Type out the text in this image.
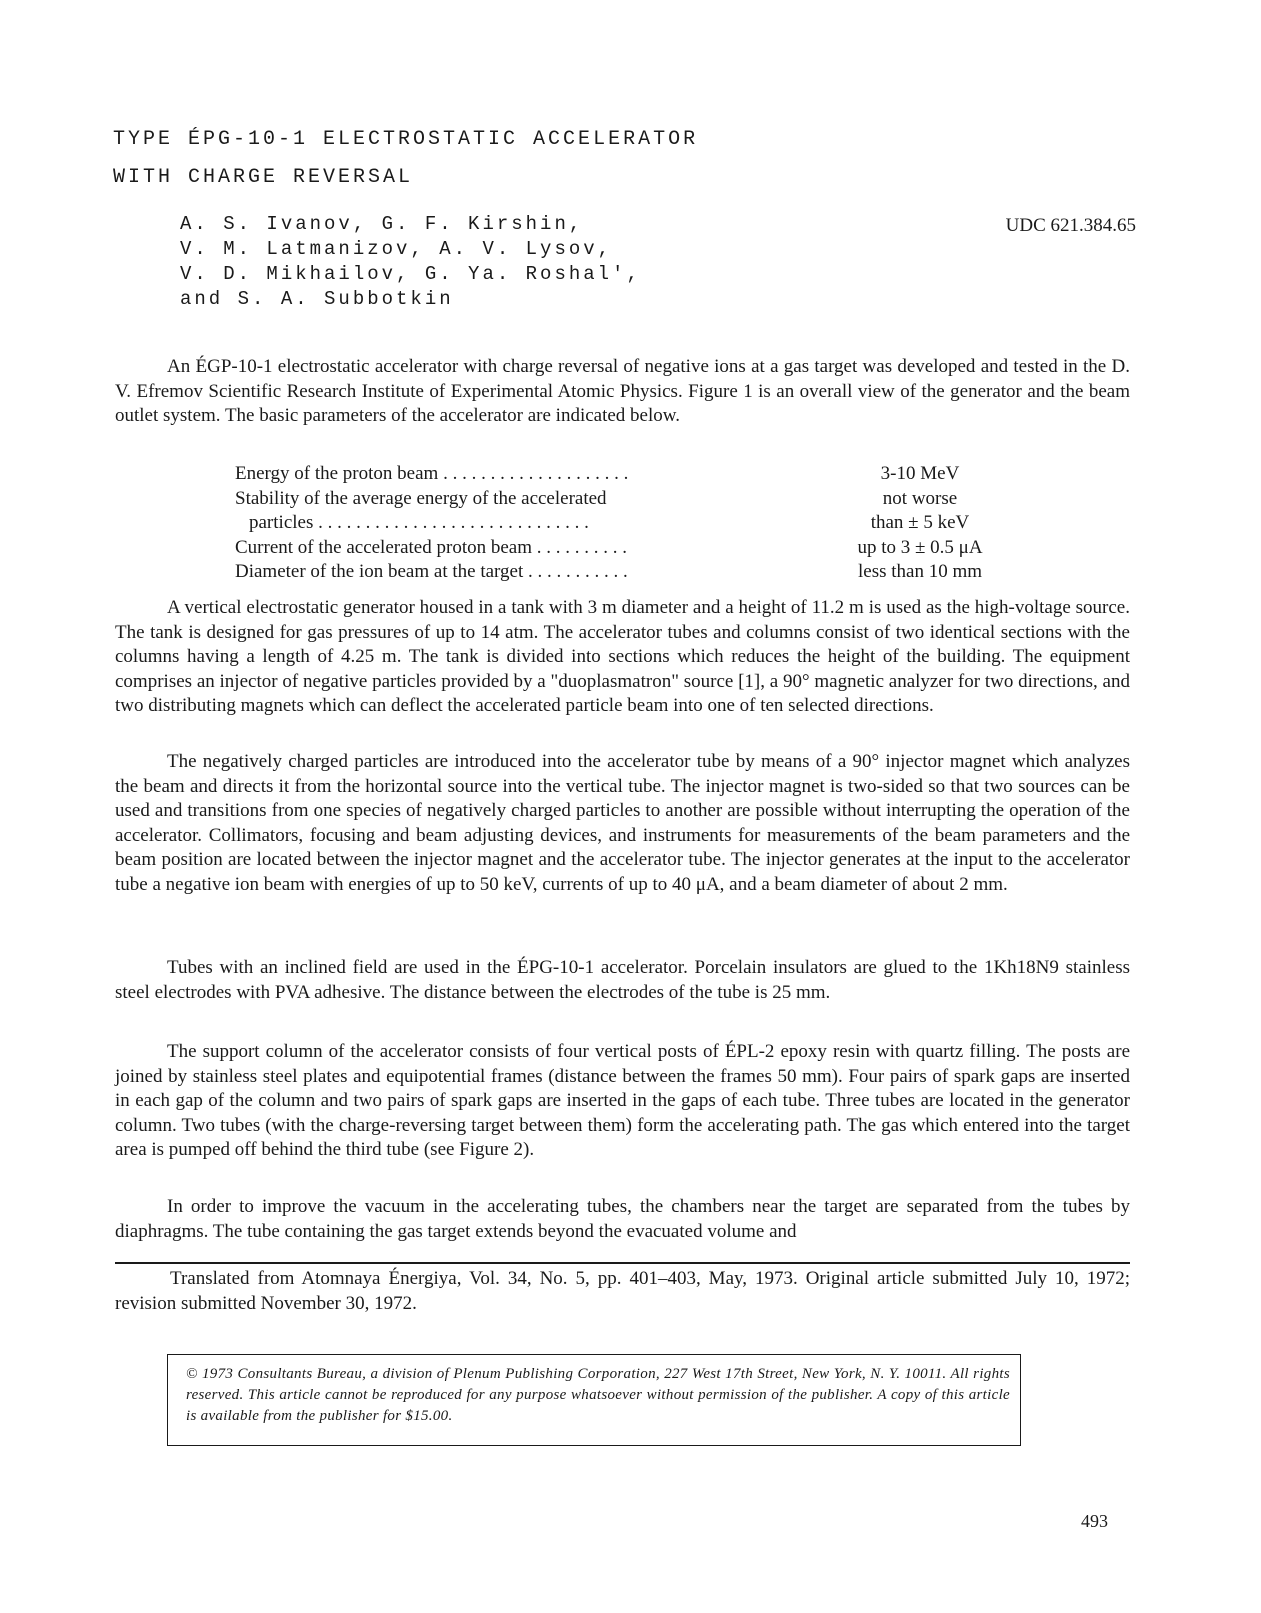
TYPE ÉPG-10-1 ELECTROSTATIC ACCELERATOR
WITH CHARGE REVERSAL
A. S. Ivanov, G. F. Kirshin,
V. M. Latmanizov, A. V. Lysov,
V. D. Mikhailov, G. Ya. Roshal',
and S. A. Subbotkin
UDC 621.384.65

An ÉGP-10-1 electrostatic accelerator with charge reversal of negative ions at a gas target was developed and tested in the D. V. Efremov Scientific Research Institute of Experimental Atomic Physics. Figure 1 is an overall view of the generator and the beam outlet system. The basic parameters of the accelerator are indicated below.

Energy of the proton beam . . . . . . . . . . . . . . . . . . . .	3-10 MeV
Stability of the average energy of the accelerated	not worse
particles . . . . . . . . . . . . . . . . . . . . . . . . . . . . .	than ± 5 keV
Current of the accelerated proton beam . . . . . . . . . .	up to 3 ± 0.5 μA
Diameter of the ion beam at the target . . . . . . . . . . .	less than 10 mm

A vertical electrostatic generator housed in a tank with 3 m diameter and a height of 11.2 m is used as the high-voltage source. The tank is designed for gas pressures of up to 14 atm. The accelerator tubes and columns consist of two identical sections with the columns having a length of 4.25 m. The tank is divided into sections which reduces the height of the building. The equipment comprises an injector of negative particles provided by a "duoplasmatron" source [1], a 90° magnetic analyzer for two directions, and two distributing magnets which can deflect the accelerated particle beam into one of ten selected directions.

The negatively charged particles are introduced into the accelerator tube by means of a 90° injector magnet which analyzes the beam and directs it from the horizontal source into the vertical tube. The injector magnet is two-sided so that two sources can be used and transitions from one species of negatively charged particles to another are possible without interrupting the operation of the accelerator. Collimators, focusing and beam adjusting devices, and instruments for measurements of the beam parameters and the beam position are located between the injector magnet and the accelerator tube. The injector generates at the input to the accelerator tube a negative ion beam with energies of up to 50 keV, currents of up to 40 μA, and a beam diameter of about 2 mm.

Tubes with an inclined field are used in the ÉPG-10-1 accelerator. Porcelain insulators are glued to the 1Kh18N9 stainless steel electrodes with PVA adhesive. The distance between the electrodes of the tube is 25 mm.

The support column of the accelerator consists of four vertical posts of ÉPL-2 epoxy resin with quartz filling. The posts are joined by stainless steel plates and equipotential frames (distance between the frames 50 mm). Four pairs of spark gaps are inserted in each gap of the column and two pairs of spark gaps are inserted in the gaps of each tube. Three tubes are located in the generator column. Two tubes (with the charge-reversing target between them) form the accelerating path. The gas which entered into the target area is pumped off behind the third tube (see Figure 2).

In order to improve the vacuum in the accelerating tubes, the chambers near the target are separated from the tubes by diaphragms. The tube containing the gas target extends beyond the evacuated volume and

Translated from Atomnaya Énergiya, Vol. 34, No. 5, pp. 401–403, May, 1973. Original article submitted July 10, 1972; revision submitted November 30, 1972.
© 1973 Consultants Bureau, a division of Plenum Publishing Corporation, 227 West 17th Street, New York, N. Y. 10011. All rights reserved. This article cannot be reproduced for any purpose whatsoever without permission of the publisher. A copy of this article is available from the publisher for $15.00.
493
